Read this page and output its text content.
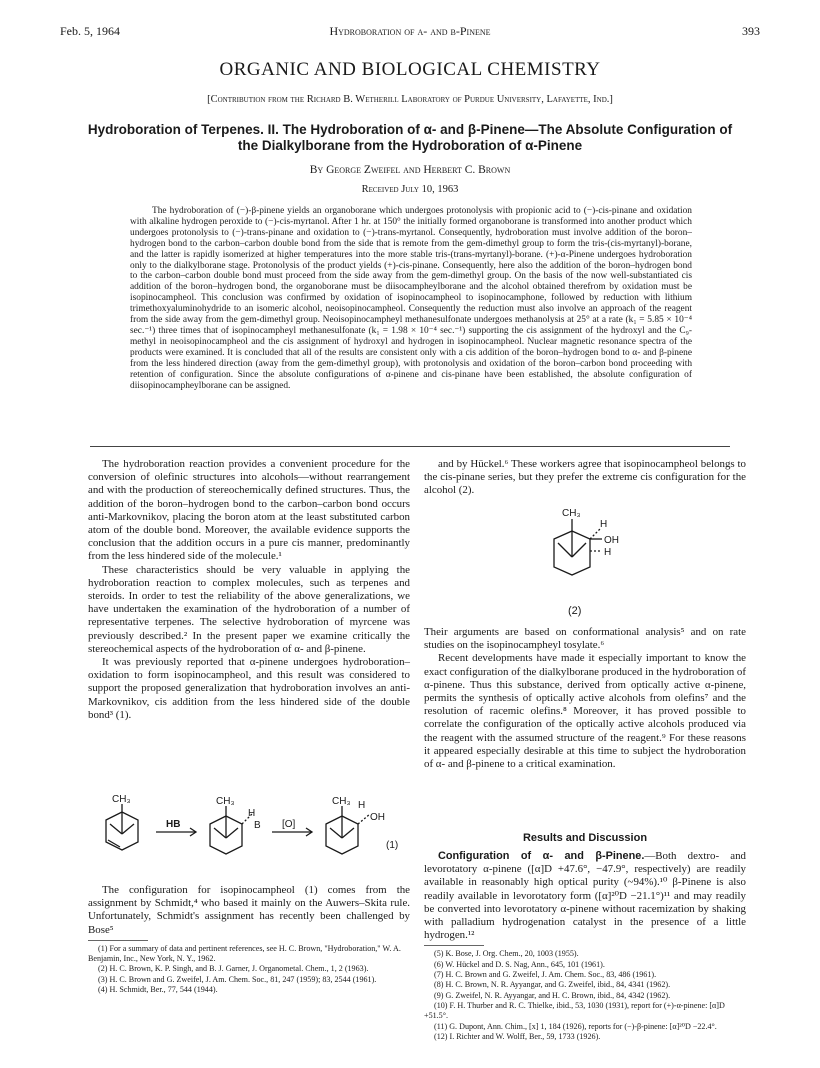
Feb. 5, 1964	Hydroboration of α- and β-Pinene	393
ORGANIC AND BIOLOGICAL CHEMISTRY
[Contribution from the Richard B. Wetherill Laboratory of Purdue University, Lafayette, Ind.]
Hydroboration of Terpenes. II. The Hydroboration of α- and β-Pinene—The Absolute Configuration of the Dialkylborane from the Hydroboration of α-Pinene
By George Zweifel and Herbert C. Brown
Received July 10, 1963

The hydroboration of (−)-β-pinene yields an organoborane which undergoes protonolysis with propionic acid to (−)-cis-pinane and oxidation with alkaline hydrogen peroxide to (−)-cis-myrtanol. After 1 hr. at 150° the initially formed organoborane is transformed into another product which undergoes protonolysis to (−)-trans-pinane and oxidation to (−)-trans-myrtanol. Consequently, hydroboration must involve addition of the boron–hydrogen bond to the carbon–carbon double bond from the side that is remote from the gem-dimethyl group to form the tris-(cis-myrtanyl)-borane, and the latter is rapidly isomerized at higher temperatures into the more stable tris-(trans-myrtanyl)-borane. (+)-α-Pinene undergoes hydroboration only to the dialkylborane stage. Protonolysis of the product yields (+)-cis-pinane. Consequently, here also the addition of the boron–hydrogen bond to the carbon–carbon double bond must proceed from the side away from the gem-dimethyl group. On the basis of the now well-substantiated cis addition of the boron–hydrogen bond, the organoborane must be diisocampheylborane and the alcohol obtained therefrom by oxidation must be isopinocampheol. This conclusion was confirmed by oxidation of isopinocampheol to isopinocamphone, followed by reduction with lithium trimethoxyaluminohydride to an isomeric alcohol, neoisopinocampheol. Consequently the reduction must also involve an approach of the reagent from the side away from the gem-dimethyl group. Neoisopinocampheyl methanesulfonate undergoes methanolysis at 25° at a rate (k₁ = 5.85 × 10⁻⁴ sec.⁻¹) three times that of isopinocampheyl methanesulfonate (k₁ = 1.98 × 10⁻⁴ sec.⁻¹) supporting the cis assignment of the hydroxyl and the C₉-methyl in neoisopinocampheol and the cis assignment of hydroxyl and hydrogen in isopinocampheol. Nuclear magnetic resonance spectra of the products were examined. It is concluded that all of the results are consistent only with a cis addition of the boron–hydrogen bond to α- and β-pinene from the less hindered direction (away from the gem-dimethyl group), with protonolysis and oxidation of the boron–carbon bond proceeding with retention of configuration. Since the absolute configurations of α-pinene and cis-pinane have been established, the absolute configuration of diisopinocampheylborane can be assigned.

The hydroboration reaction provides a convenient procedure for the conversion of olefinic structures into alcohols—without rearrangement and with the production of stereochemically defined structures. Thus, the addition of the boron–hydrogen bond to the carbon–carbon bond occurs anti-Markovnikov, placing the boron atom at the least substituted carbon atom of the double bond. Moreover, the available evidence supports the conclusion that the addition occurs in a pure cis manner, predominantly from the less hindered side of the molecule.¹

These characteristics should be very valuable in applying the hydroboration reaction to complex molecules, such as terpenes and steroids. In order to test the reliability of the above generalizations, we have undertaken the examination of the hydroboration of a number of representative terpenes. The selective hydroboration of myrcene was previously described.² In the present paper we examine critically the stereochemical aspects of the hydroboration of α- and β-pinene.

It was previously reported that α-pinene undergoes hydroboration–oxidation to form isopinocampheol, and this result was considered to support the proposed generalization that hydroboration involves an anti-Markovnikov, cis addition from the less hindered side of the double bond³ (1).

CH₃
HB
CH₃
H
B [O]
CH₃ H
OH
(1)

The configuration for isopinocampheol (1) comes from the assignment by Schmidt,⁴ who based it mainly on the Auwers–Skita rule. Unfortunately, Schmidt's assignment has recently been challenged by Bose⁵

(1) For a summary of data and pertinent references, see H. C. Brown, "Hydroboration," W. A. Benjamin, Inc., New York, N. Y., 1962.

(2) H. C. Brown, K. P. Singh, and B. J. Garner, J. Organometal. Chem., 1, 2 (1963).

(3) H. C. Brown and G. Zweifel, J. Am. Chem. Soc., 81, 247 (1959); 83, 2544 (1961).

(4) H. Schmidt, Ber., 77, 544 (1944).

and by Hückel.⁶ These workers agree that isopinocampheol belongs to the cis-pinane series, but they prefer the extreme cis configuration for the alcohol (2).

CH₃
H
OH
H
(2)

Their arguments are based on conformational analysis⁵ and on rate studies on the isopinocampheyl tosylate.⁶

Recent developments have made it especially important to know the exact configuration of the dialkylborane produced in the hydroboration of α-pinene. Thus this substance, derived from optically active α-pinene, permits the synthesis of optically active alcohols from olefins⁷ and the resolution of racemic olefins.⁸ Moreover, it has proved possible to correlate the configuration of the optically active alcohols produced via the reagent with the assumed structure of the reagent.⁹ For these reasons it appeared especially desirable at this time to subject the hydroboration of α- and β-pinene to a critical examination.

Results and Discussion

Configuration of α- and β-Pinene.—Both dextro- and levorotatory α-pinene ([α]D +47.6°, −47.9°, respectively) are readily available in reasonably high optical purity (~94%).¹⁰ β-Pinene is also readily available in levorotatory form ([α]²⁰D −21.1°)¹¹ and may readily be converted into levorotatory α-pinene without racemization by shaking with palladium hydrogenation catalyst in the presence of a little hydrogen.¹²

(5) K. Bose, J. Org. Chem., 20, 1003 (1955).

(6) W. Hückel and D. S. Nag, Ann., 645, 101 (1961).

(7) H. C. Brown and G. Zweifel, J. Am. Chem. Soc., 83, 486 (1961).

(8) H. C. Brown, N. R. Ayyangar, and G. Zweifel, ibid., 84, 4341 (1962).

(9) G. Zweifel, N. R. Ayyangar, and H. C. Brown, ibid., 84, 4342 (1962).

(10) F. H. Thurber and R. C. Thielke, ibid., 53, 1030 (1931), report for (+)-α-pinene: [α]D +51.5°.

(11) G. Dupont, Ann. Chim., [x] 1, 184 (1926), reports for (−)-β-pinene: [α]²⁰D −22.4°.

(12) I. Richter and W. Wolff, Ber., 59, 1733 (1926).
